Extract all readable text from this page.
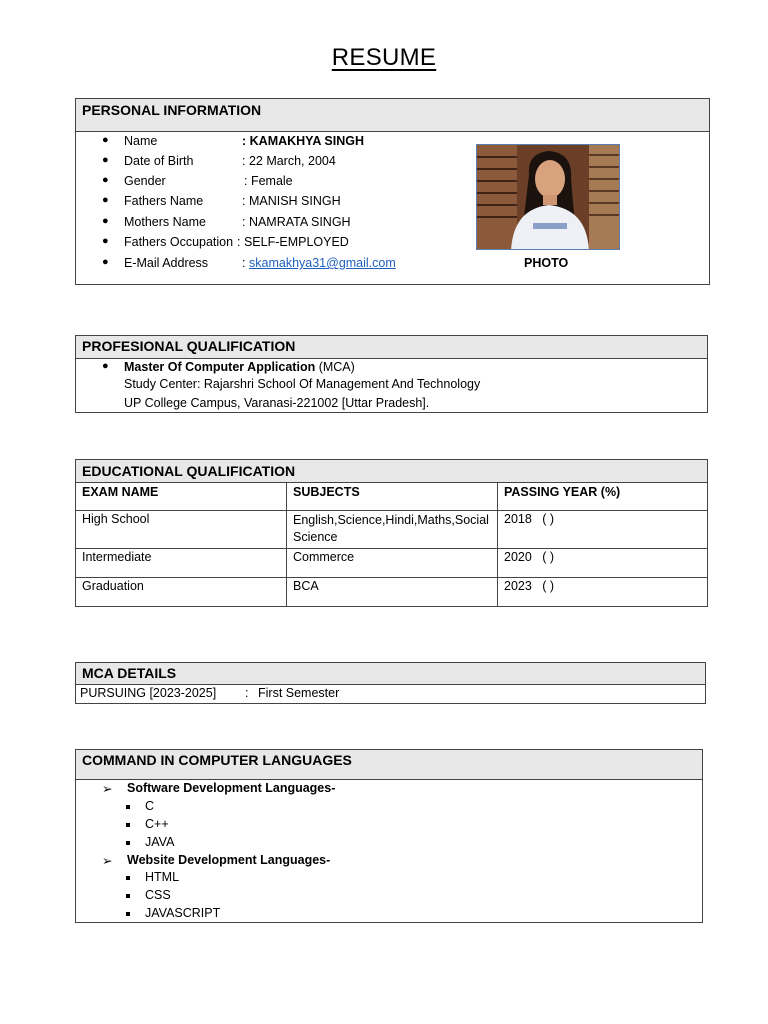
RESUME
PERSONAL INFORMATION
● Name	: KAMAKHYA SINGH
● Date of Birth	: 22 March, 2004
● Gender	: Female
● Fathers Name	: MANISH SINGH
● Mothers Name	: NAMRATA SINGH
● Fathers Occupation : SELF-EMPLOYED
● E-Mail Address	: skamakhya31@gmail.com	PHOTO
PROFESIONAL QUALIFICATION
● Master Of Computer Application (MCA)
Study Center: Rajarshri School Of Management And Technology
UP College Campus, Varanasi-221002 [Uttar Pradesh].
EDUCATIONAL QUALIFICATION
EXAM NAME	SUBJECTS	PASSING YEAR (%)
High School	English,Science,Hindi,Maths,Social Science	2018   ( )
Intermediate	Commerce	2020   ( )
Graduation	BCA	2023   ( )
MCA DETAILS
PURSUING [2023-2025] : First Semester
COMMAND IN COMPUTER LANGUAGES
➢ Software Development Languages-
C
C++
JAVA
➢ Website Development Languages-
HTML
CSS
JAVASCRIPT
